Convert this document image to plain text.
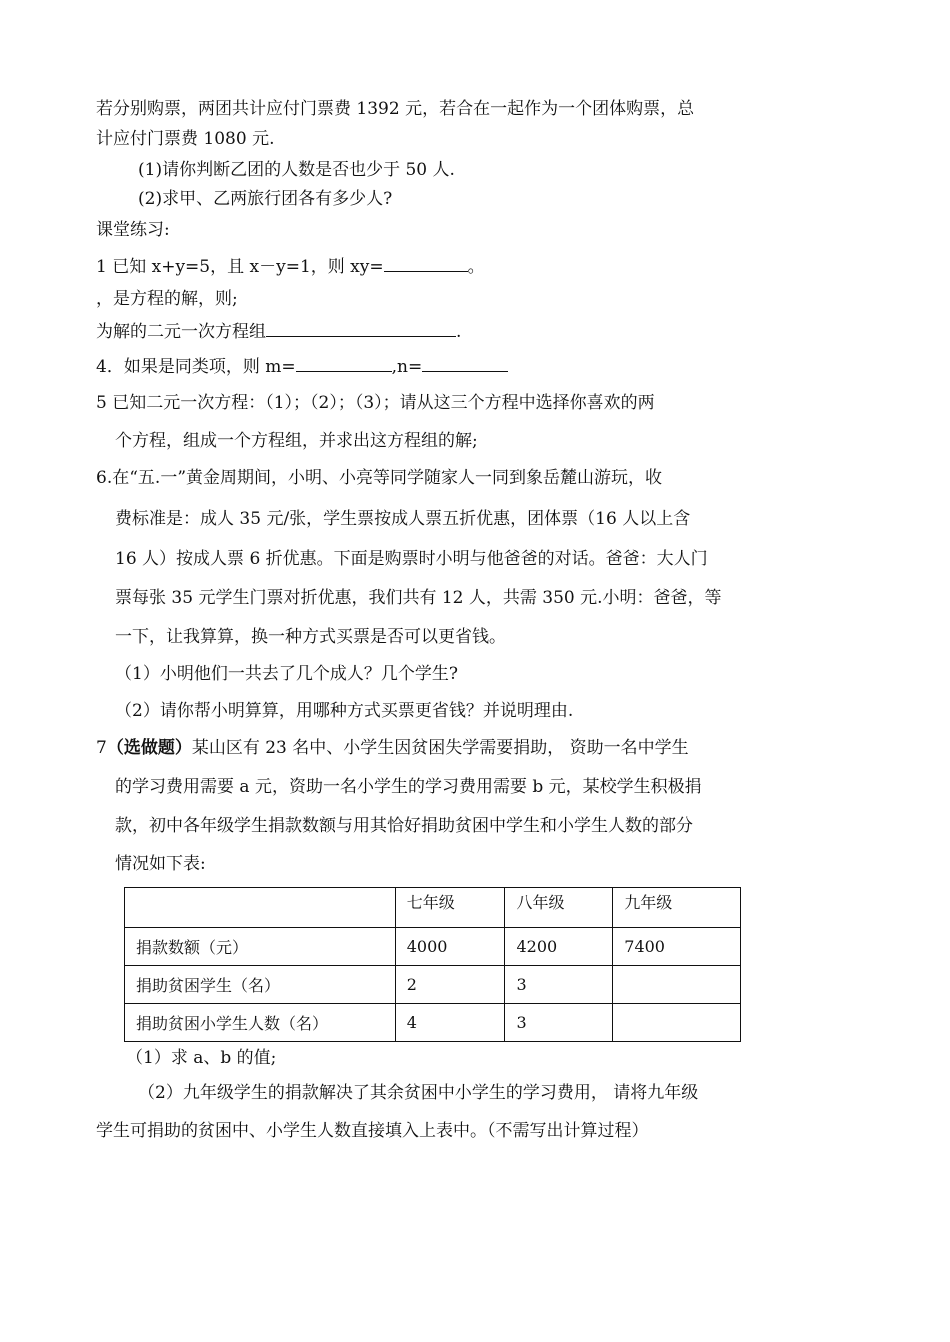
若分别购票，两团共计应付门票费 1392 元，若合在一起作为一个团体购票，总
计应付门票费 1080 元.
(1)请你判断乙团的人数是否也少于 50 人.
(2)求甲、乙两旅行团各有多少人?
课堂练习:
1 已知 x+y=5，且 x－y=1，则 xy=	。
，是方程的解，则;
为解的二元一次方程组	.
4．如果是同类项，则 m=	,n=
5 已知二元一次方程：（1）；（2）；（3）；请从这三个方程中选择你喜欢的两
个方程，组成一个方程组，并求出这方程组的解;
6.在“五.一”黄金周期间，小明、小亮等同学随家人一同到象岳麓山游玩，收
费标准是：成人 35 元/张，学生票按成人票五折优惠，团体票（16 人以上含
16 人）按成人票 6 折优惠。下面是购票时小明与他爸爸的对话。爸爸：大人门
票每张 35 元学生门票对折优惠，我们共有 12 人，共需 350 元.小明：爸爸，等
一下，让我算算，换一种方式买票是否可以更省钱。
（1）小明他们一共去了几个成人？几个学生?
（2）请你帮小明算算，用哪种方式买票更省钱？并说明理由.
7（选做题）某山区有 23 名中、小学生因贫困失学需要捐助， 资助一名中学生
的学习费用需要 a 元，资助一名小学生的学习费用需要 b 元，某校学生积极捐
款，初中各年级学生捐款数额与用其恰好捐助贫困中学生和小学生人数的部分
情况如下表:
	七年级	八年级	九年级
捐款数额（元）	4000	4200	7400
捐助贫困学生（名）	2	3	
捐助贫困小学生人数（名）	4	3	
（1）求 a、b 的值;
（2）九年级学生的捐款解决了其余贫困中小学生的学习费用， 请将九年级
学生可捐助的贫困中、小学生人数直接填入上表中。（不需写出计算过程）
